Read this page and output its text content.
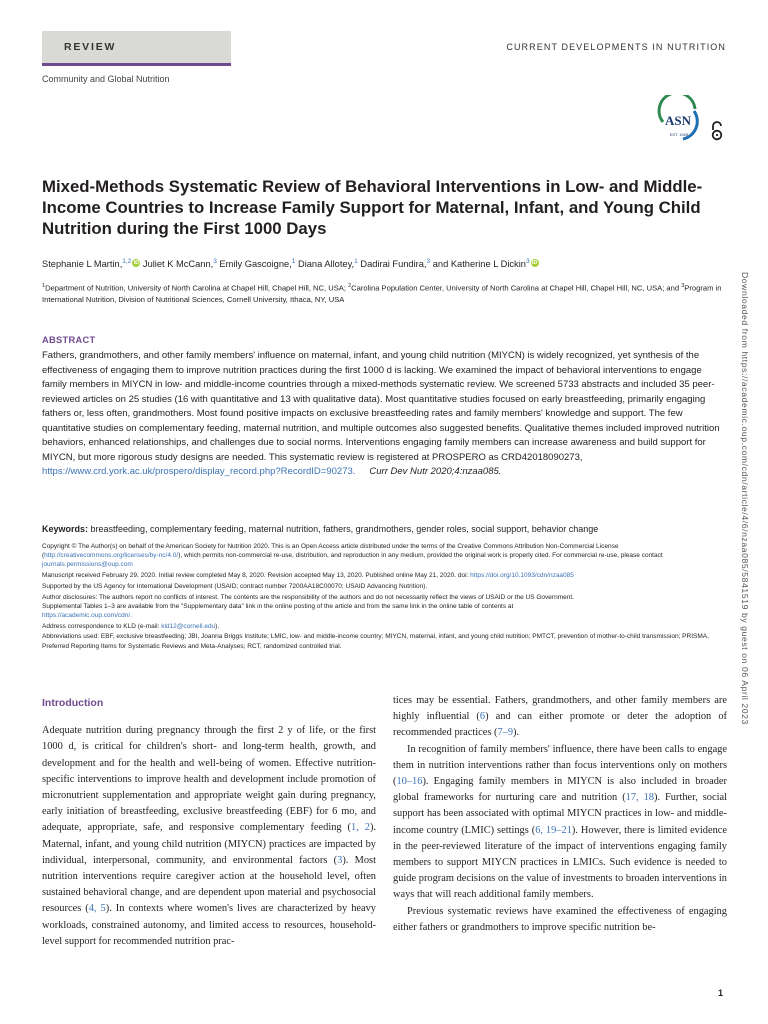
REVIEW	CURRENT DEVELOPMENTS IN NUTRITION
Community and Global Nutrition
ASN
EST. 1928
Mixed-Methods Systematic Review of Behavioral Interventions in Low- and Middle-Income Countries to Increase Family Support for Maternal, Infant, and Young Child Nutrition during the First 1000 Days
Stephanie L Martin,$^{1,2}$ iD Juliet K McCann,$^3$ Emily Gascoigne,$^1$ Diana Allotey,$^1$ Dadirai Fundira,$^3$ and Katherine L Dickin$^3$ iD
$^1$Department of Nutrition, University of North Carolina at Chapel Hill, Chapel Hill, NC, USA; $^2$Carolina Population Center, University of North Carolina at Chapel Hill, Chapel Hill, NC, USA; and $^3$Program in International Nutrition, Division of Nutritional Sciences, Cornell University, Ithaca, NY, USA
ABSTRACT
Fathers, grandmothers, and other family members' influence on maternal, infant, and young child nutrition (MIYCN) is widely recognized, yet synthesis of the effectiveness of engaging them to improve nutrition practices during the first 1000 d is lacking. We examined the impact of behavioral interventions to engage family members in MIYCN in low- and middle-income countries through a mixed-methods systematic review. We screened 5733 abstracts and included 35 peer-reviewed articles on 25 studies (16 with quantitative and 13 with qualitative data). Most quantitative studies focused on early breastfeeding, primarily engaging fathers or, less often, grandmothers. Most found positive impacts on exclusive breastfeeding rates and family members' knowledge and support. The few quantitative studies on complementary feeding, maternal nutrition, and multiple outcomes also suggested benefits. Qualitative themes included improved nutrition behaviors, enhanced relationships, and challenges due to social norms. Interventions engaging family members can increase awareness and build support for MIYCN, but more rigorous study designs are needed. This systematic review is registered at PROSPERO as CRD42018090273,
https://www.crd.york.ac.uk/prospero/display_record.php?RecordID=90273. Curr Dev Nutr 2020;4:nzaa085.
Keywords: breastfeeding, complementary feeding, maternal nutrition, fathers, grandmothers, gender roles, social support, behavior change

Copyright © The Author(s) on behalf of the American Society for Nutrition 2020. This is an Open Access article distributed under the terms of the Creative Commons Attribution Non-Commercial License (http://creativecommons.org/licenses/by-nc/4.0/), which permits non-commercial re-use, distribution, and reproduction in any medium, provided the original work is properly cited. For commercial re-use, please contact journals.permissions@oup.com

Manuscript received February 29, 2020. Initial review completed May 8, 2020. Revision accepted May 13, 2020. Published online May 21, 2020. doi: https://doi.org/10.1093/cdn/nzaa085

Supported by the US Agency for International Development (USAID; contract number 7200AA18C00070; USAID Advancing Nutrition).

Author disclosures: The authors report no conflicts of interest. The contents are the responsibility of the authors and do not necessarily reflect the views of USAID or the US Government.
Supplemental Tables 1–3 are available from the "Supplementary data" link in the online posting of the article and from the same link in the online table of contents at
https://academic.oup.com/cdn/.

Address correspondence to KLD (e-mail: kld12@cornell.edu).

Abbreviations used: EBF, exclusive breastfeeding; JBI, Joanna Briggs Institute; LMIC, low- and middle-income country; MIYCN, maternal, infant, and young child nutrition; PMTCT, prevention of mother-to-child transmission; PRISMA, Preferred Reporting Items for Systematic Reviews and Meta-Analyses; RCT, randomized controlled trial.

Introduction

Adequate nutrition during pregnancy through the first 2 y of life, or the first 1000 d, is critical for children's short- and long-term health, growth, and development and for the health and well-being of women. Effective nutrition-specific interventions to improve health and development include promotion of micronutrient supplementation and appropriate weight gain during pregnancy, early initiation of breastfeeding, exclusive breastfeeding (EBF) for 6 mo, and adequate, appropriate, safe, and responsive complementary feeding (1, 2). Maternal, infant, and young child nutrition (MIYCN) practices are impacted by individual, interpersonal, community, and environmental factors (3). Most nutrition interventions require caregiver action at the household level, often sustained behavioral change, and are dependent upon material and psychosocial resources (4, 5). In contexts where women's lives are characterized by heavy workloads, constrained autonomy, and limited access to resources, household-level support for recommended nutrition prac-

tices may be essential. Fathers, grandmothers, and other family members are highly influential (6) and can either promote or deter the adoption of recommended practices (7–9).

In recognition of family members' influence, there have been calls to engage them in nutrition interventions rather than focus interventions only on mothers (10–16). Engaging family members in MIYCN is also included in broader global frameworks for nurturing care and nutrition (17, 18). Further, social support has been associated with optimal MIYCN practices in low- and middle-income country (LMIC) settings (6, 19–21). However, there is limited evidence in the peer-reviewed literature of the impact of interventions engaging family members to support MIYCN practices in LMICs. Such evidence is needed to guide program decisions on the value of investments to broaden interventions in ways that will reach additional family members.

Previous systematic reviews have examined the effectiveness of engaging either fathers or grandmothers to improve specific nutrition be-

Downloaded from https://academic.oup.com/cdn/article/4/6/nzaa085/5841519 by guest on 06 April 2023
1
